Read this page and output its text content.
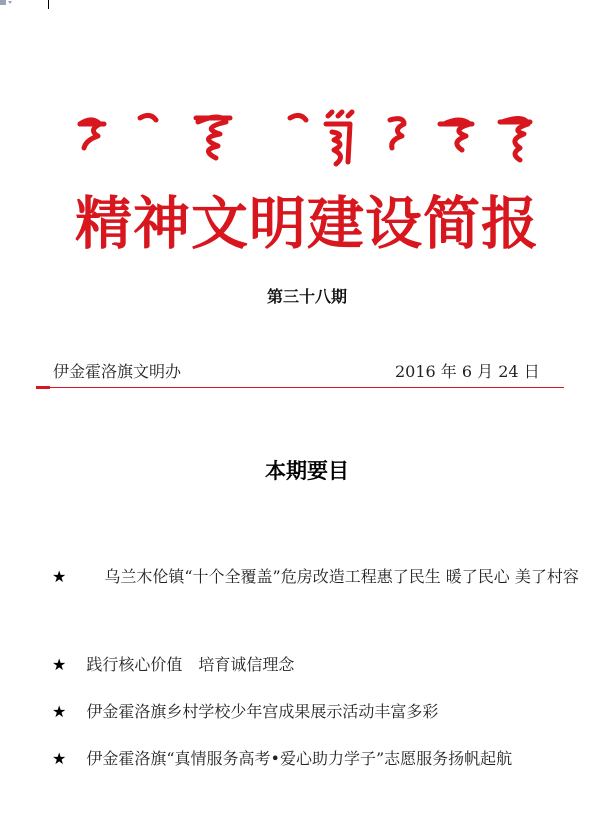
精神文明建设简报
第三十八期
伊金霍洛旗文明办	2016 年 6 月 24 日
本期要目
★ 乌兰木伦镇“十个全覆盖”危房改造工程惠了民生 暖了民心 美了村容
★ 践行核心价值　培育诚信理念
★ 伊金霍洛旗乡村学校少年宫成果展示活动丰富多彩
★ 伊金霍洛旗“真情服务高考•爱心助力学子”志愿服务扬帆起航
